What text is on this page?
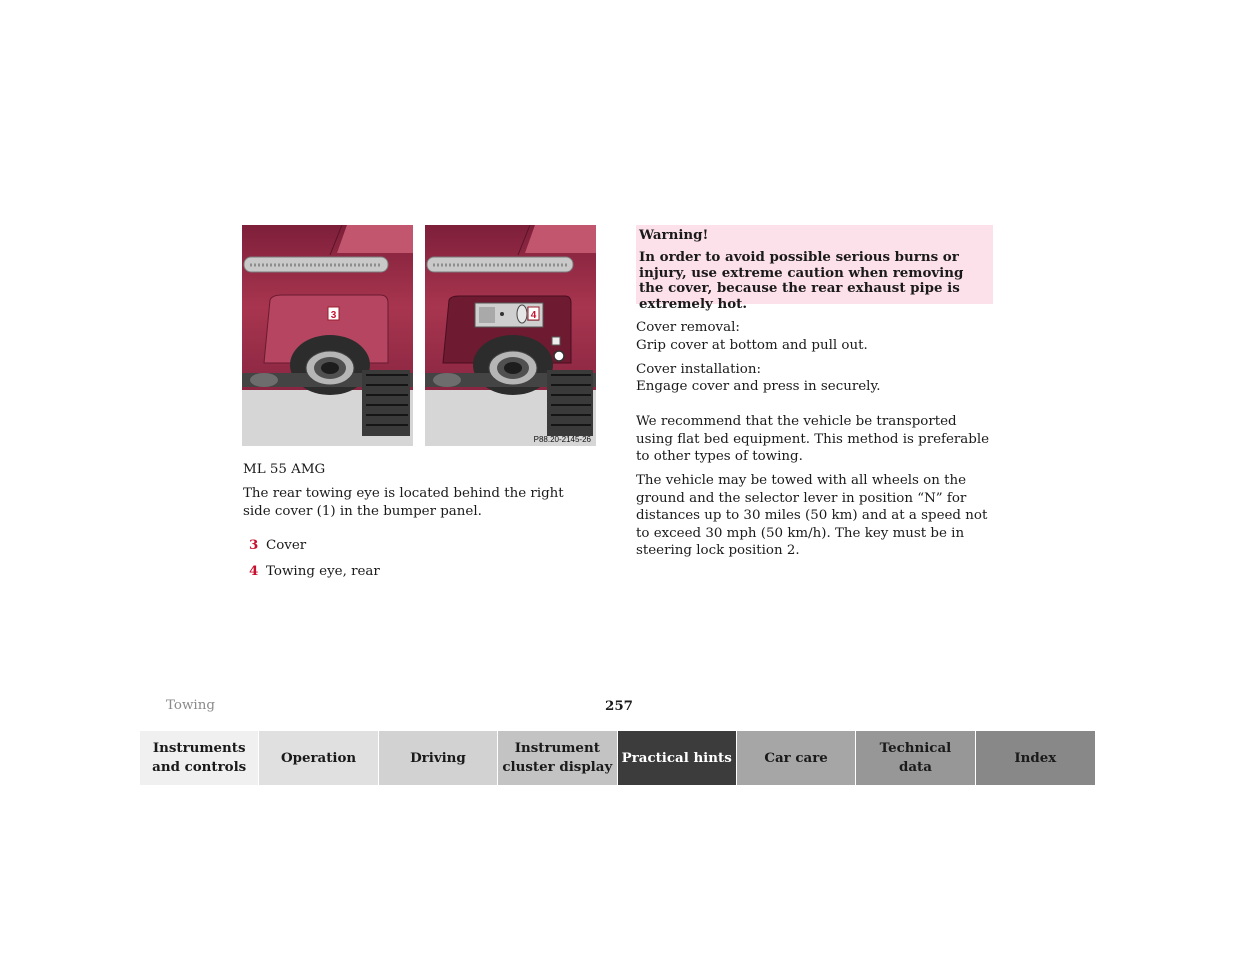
3	4
P88.20-2145-26
ML 55 AMG
The rear towing eye is located behind the right side cover (1) in the bumper panel.
3 Cover
4 Towing eye, rear

Warning!

In order to avoid possible serious burns or injury, use extreme caution when removing the cover, because the rear exhaust pipe is extremely hot.

Cover removal:
Grip cover at bottom and pull out.
Cover installation:
Engage cover and press in securely.
We recommend that the vehicle be transported using flat bed equipment. This method is preferable to other types of towing.
The vehicle may be towed with all wheels on the ground and the selector lever in position “N” for distances up to 30 miles (50 km) and at a speed not to exceed 30 mph (50 km/h). The key must be in steering lock position 2.
Towing	257
Instruments
and controls
Operation	Driving
Instrument
cluster display
Practical hints	Car care
Technical
data
Index
